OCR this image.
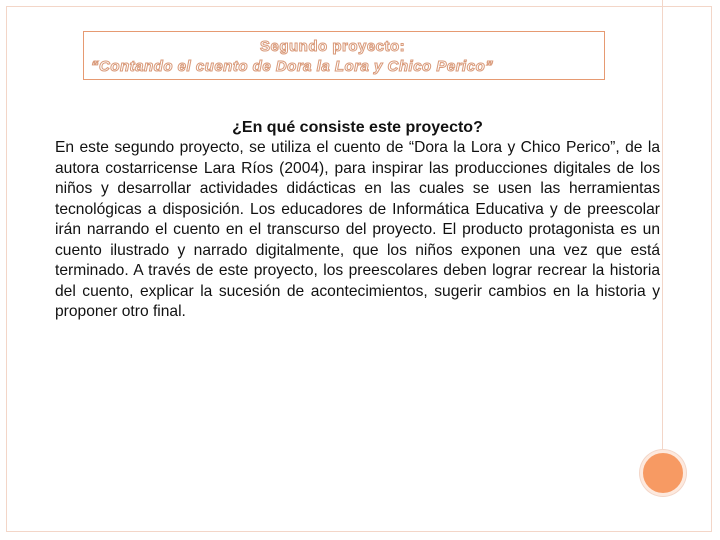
Segundo proyecto:
“Contando el cuento de Dora la Lora y Chico Perico”

¿En qué consiste este proyecto?

En este segundo proyecto, se utiliza el cuento de “Dora la Lora y Chico Perico”, de la autora costarricense Lara Ríos (2004), para inspirar las producciones digitales de los niños y desarrollar actividades didácticas en las cuales se usen las herramientas tecnológicas a disposición. Los educadores de Informática Educativa y de preescolar irán narrando el cuento en el transcurso del proyecto. El producto protagonista es un cuento ilustrado y narrado digitalmente, que los niños exponen una vez que está terminado. A través de este proyecto, los preescolares deben lograr recrear la historia del cuento, explicar la sucesión de acontecimientos, sugerir cambios en la historia y proponer otro final.
